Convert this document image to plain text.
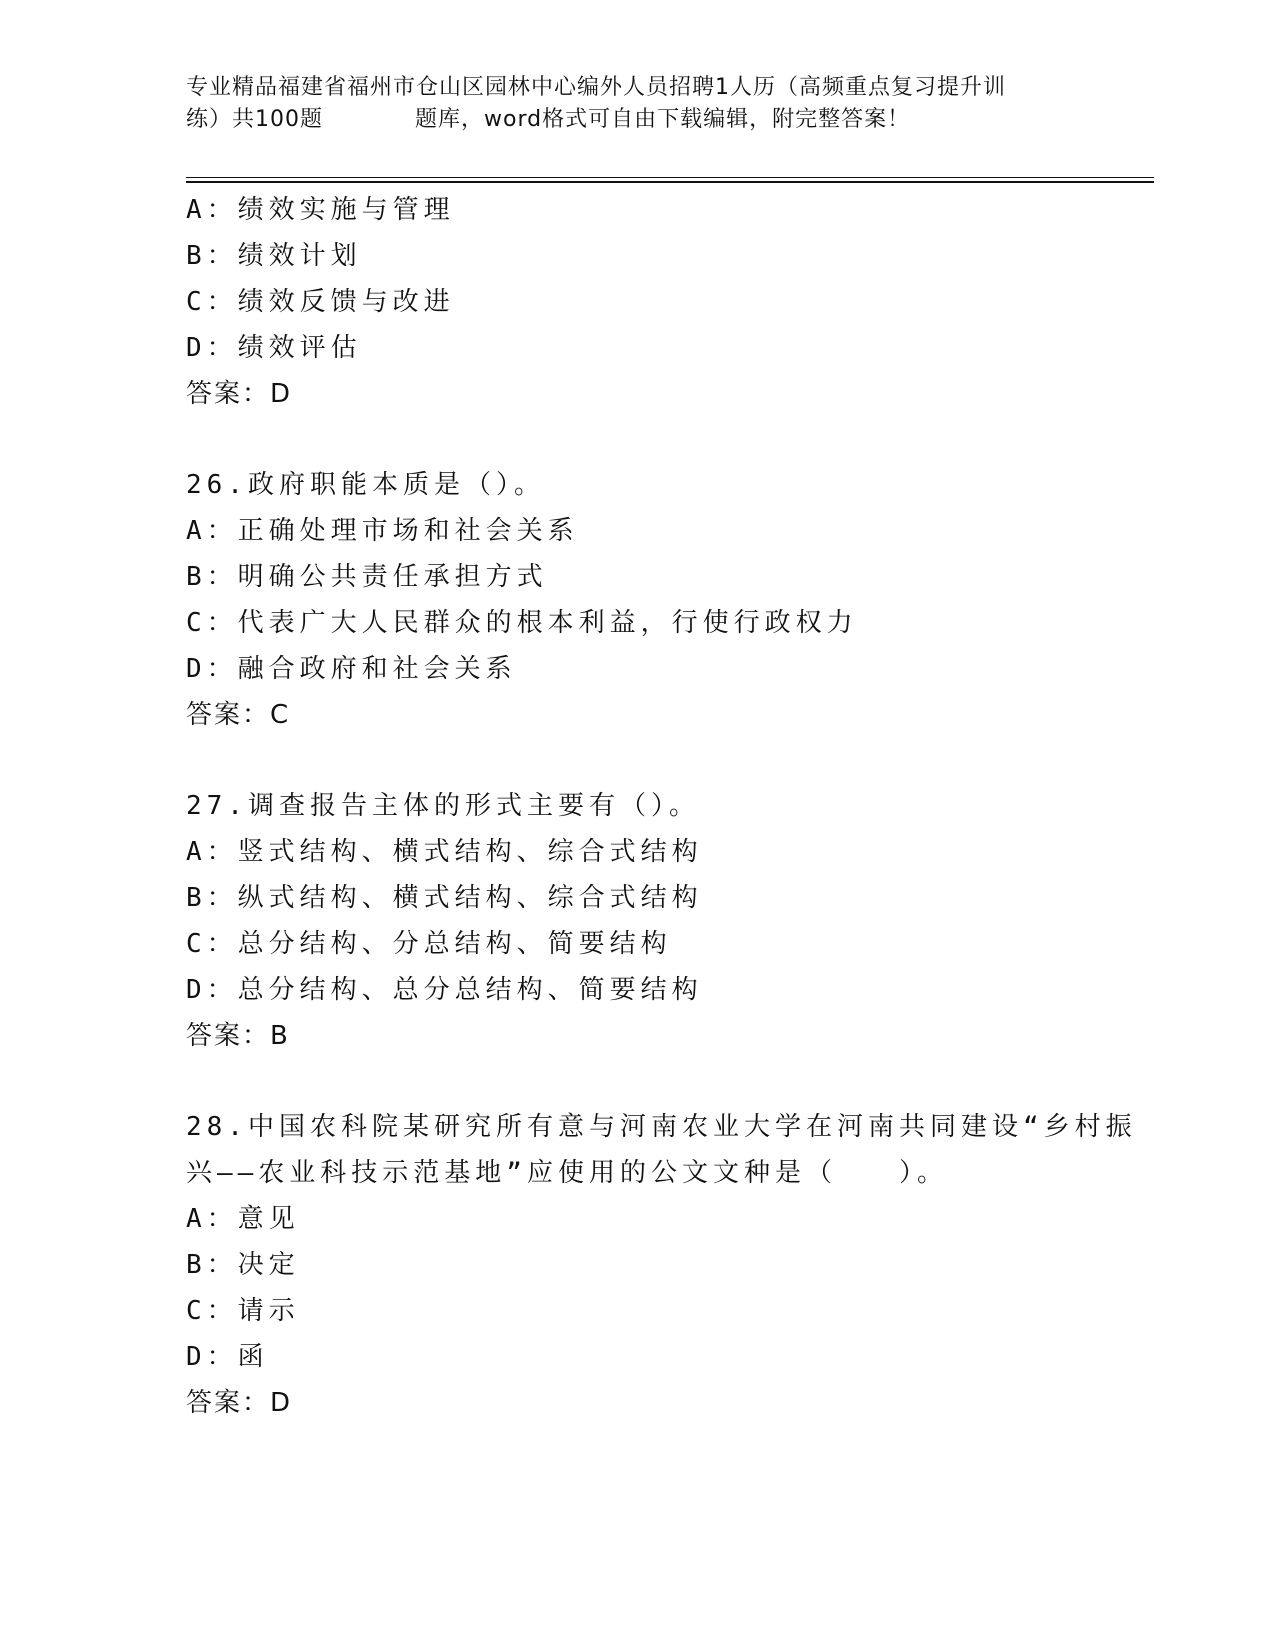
专业精品福建省福州市仓山区园林中心编外人员招聘1人历（高频重点复习提升训
练）共100题　　　　题库，word格式可自由下载编辑，附完整答案！
A：绩效实施与管理
B：绩效计划
C：绩效反馈与改进
D：绩效评估
答案：D
26.政府职能本质是（）。
A：正确处理市场和社会关系
B：明确公共责任承担方式
C：代表广大人民群众的根本利益，行使行政权力
D：融合政府和社会关系
答案：C
27.调查报告主体的形式主要有（）。
A：竖式结构、横式结构、综合式结构
B：纵式结构、横式结构、综合式结构
C：总分结构、分总结构、简要结构
D：总分结构、总分总结构、简要结构
答案：B
28.中国农科院某研究所有意与河南农业大学在河南共同建设“乡村振
兴——农业科技示范基地”应使用的公文文种是（　　）。
A：意见
B：决定
C：请示
D：函
答案：D
